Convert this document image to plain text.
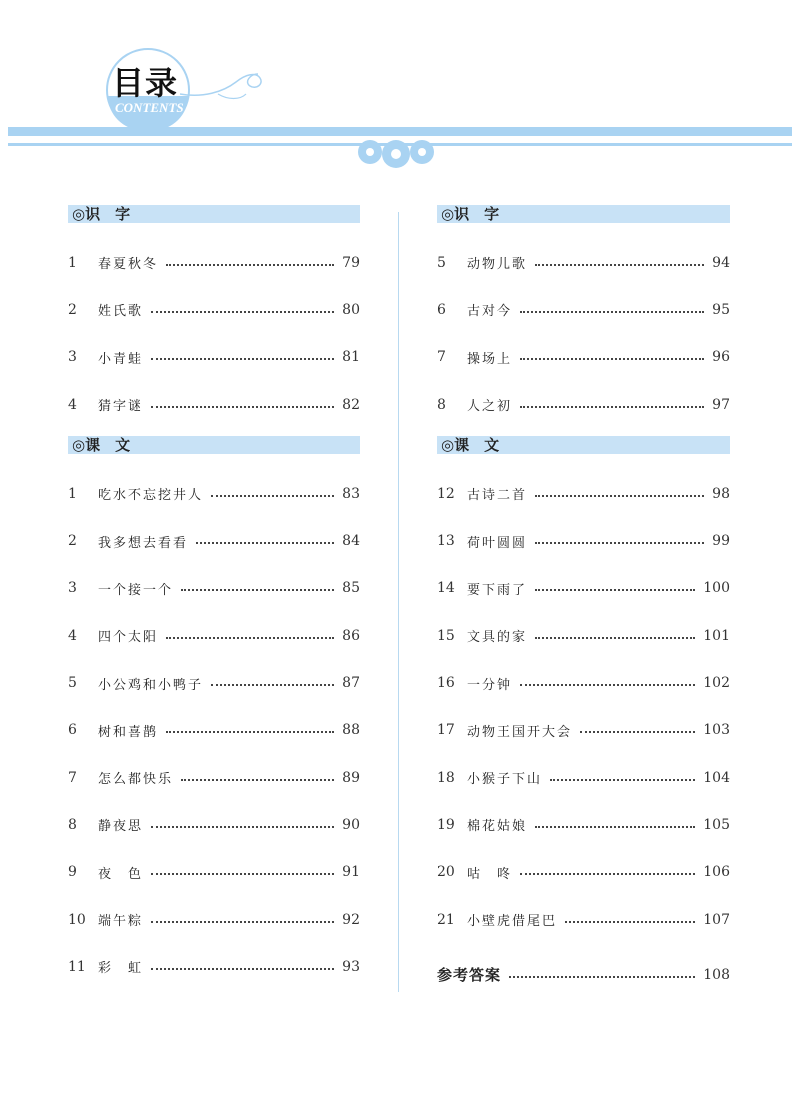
目录
CONTENTS
◎识　字
1	春夏秋冬	79
2	姓氏歌	80
3	小青蛙	81
4	猜字谜	82
◎课　文
1	吃水不忘挖井人	83
2	我多想去看看	84
3	一个接一个	85
4	四个太阳	86
5	小公鸡和小鸭子	87
6	树和喜鹊	88
7	怎么都快乐	89
8	静夜思	90
9	夜　色	91
10 端午粽	92
11 彩　虹	93
◎识　字
5	动物儿歌	94
6	古对今	95
7	操场上	96
8	人之初	97
◎课　文
12 古诗二首	98
13 荷叶圆圆	99
14 要下雨了	100
15 文具的家	101
16 一分钟	102
17 动物王国开大会	103
18 小猴子下山	104
19 棉花姑娘	105
20 咕　咚	106
21 小壁虎借尾巴	107
参考答案	108
